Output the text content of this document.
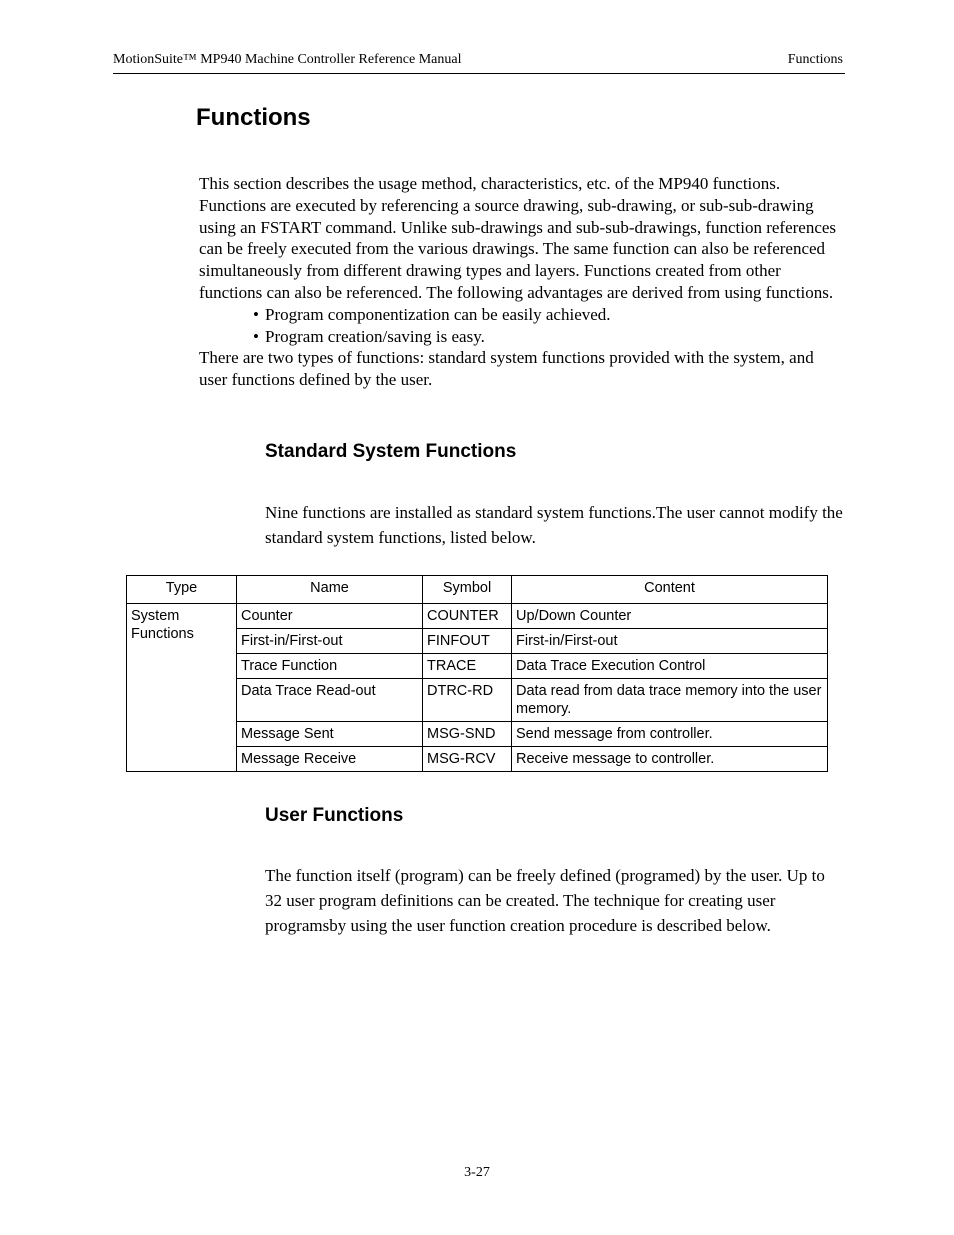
MotionSuite™ MP940 Machine Controller Reference Manual	Functions
Functions

This section describes the usage method, characteristics, etc. of the MP940 functions. Functions are executed by referencing a source drawing, sub-drawing, or sub-sub-drawing using an FSTART command. Unlike sub-drawings and sub-sub-drawings, function references can be freely executed from the various drawings. The same function can also be referenced simultaneously from different drawing types and layers. Functions created from other functions can also be referenced. The following advantages are derived from using functions.

• Program componentization can be easily achieved.
• Program creation/saving is easy.

There are two types of functions: standard system functions provided with the system, and user functions defined by the user.

Standard System Functions

Nine functions are installed as standard system functions.The user cannot modify the standard system functions, listed below.

Type	Name	Symbol	Content
System Functions	Counter	COUNTER	Up/Down Counter
	First-in/First-out	FINFOUT	First-in/First-out
	Trace Function	TRACE	Data Trace Execution Control
	Data Trace Read-out	DTRC-RD	Data read from data trace memory into the user memory.
	Message Sent	MSG-SND	Send message from controller.
	Message Receive	MSG-RCV	Receive message to controller.
User Functions

The function itself (program) can be freely defined (programed) by the user. Up to 32 user program definitions can be created. The technique for creating user programsby using the user function creation procedure is described below.

3-27
